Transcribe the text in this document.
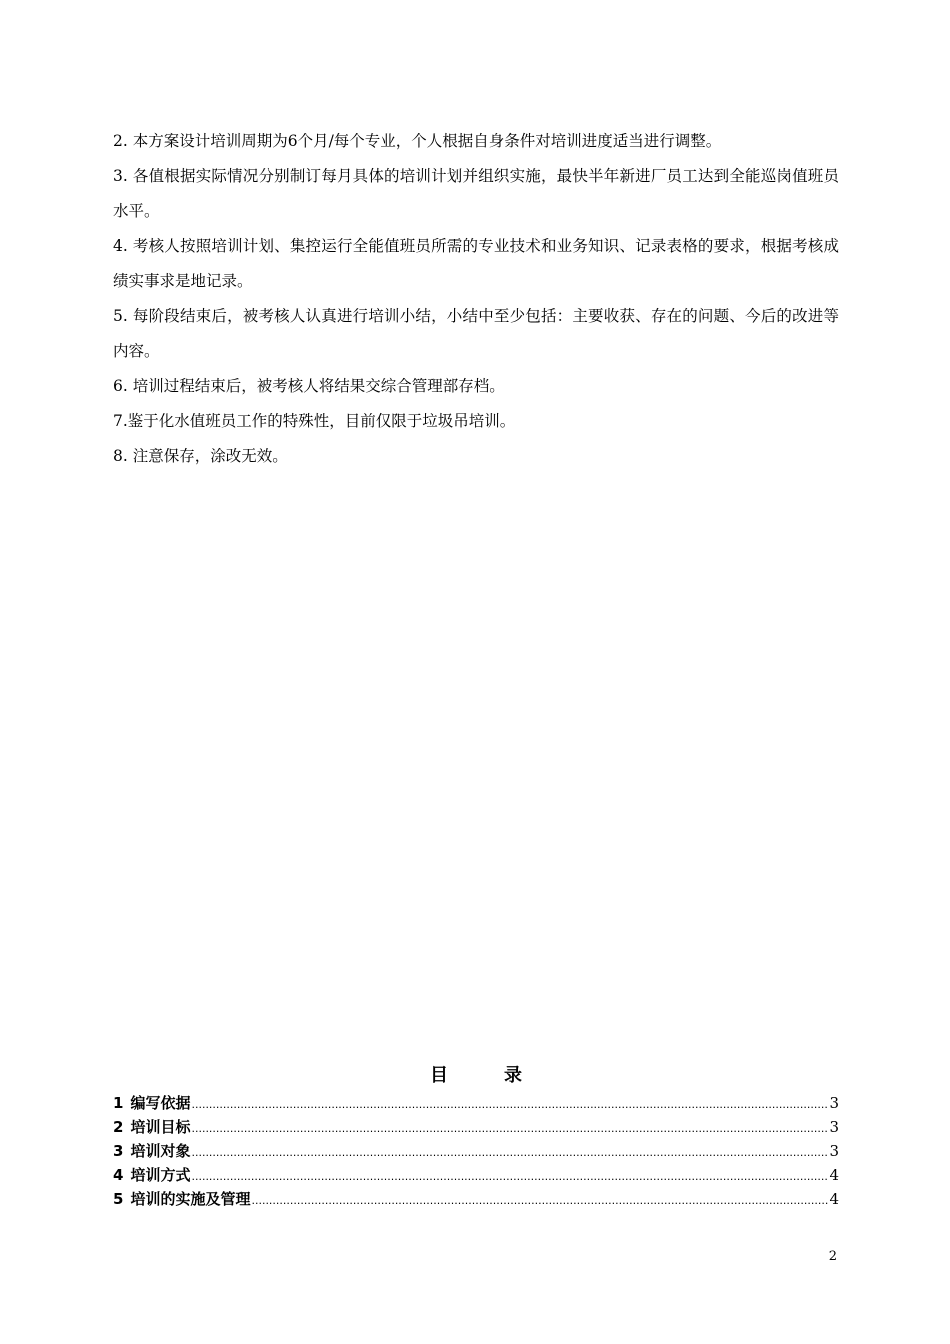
2. 本方案设计培训周期为6个月/每个专业，个人根据自身条件对培训进度适当进行调整。
3. 各值根据实际情况分别制订每月具体的培训计划并组织实施，最快半年新进厂员工达到全能巡岗值班员水平。
4. 考核人按照培训计划、集控运行全能值班员所需的专业技术和业务知识、记录表格的要求，根据考核成绩实事求是地记录。
5. 每阶段结束后，被考核人认真进行培训小结，小结中至少包括：主要收获、存在的问题、今后的改进等内容。
6. 培训过程结束后，被考核人将结果交综合管理部存档。
7.鉴于化水值班员工作的特殊性，目前仅限于垃圾吊培训。
8. 注意保存，涂改无效。
目	录
1 编写依据 .....	3
2 培训目标 .....	3
3 培训对象 .....	3
4 培训方式 .....	4
5 培训的实施及管理 .....	4
2
